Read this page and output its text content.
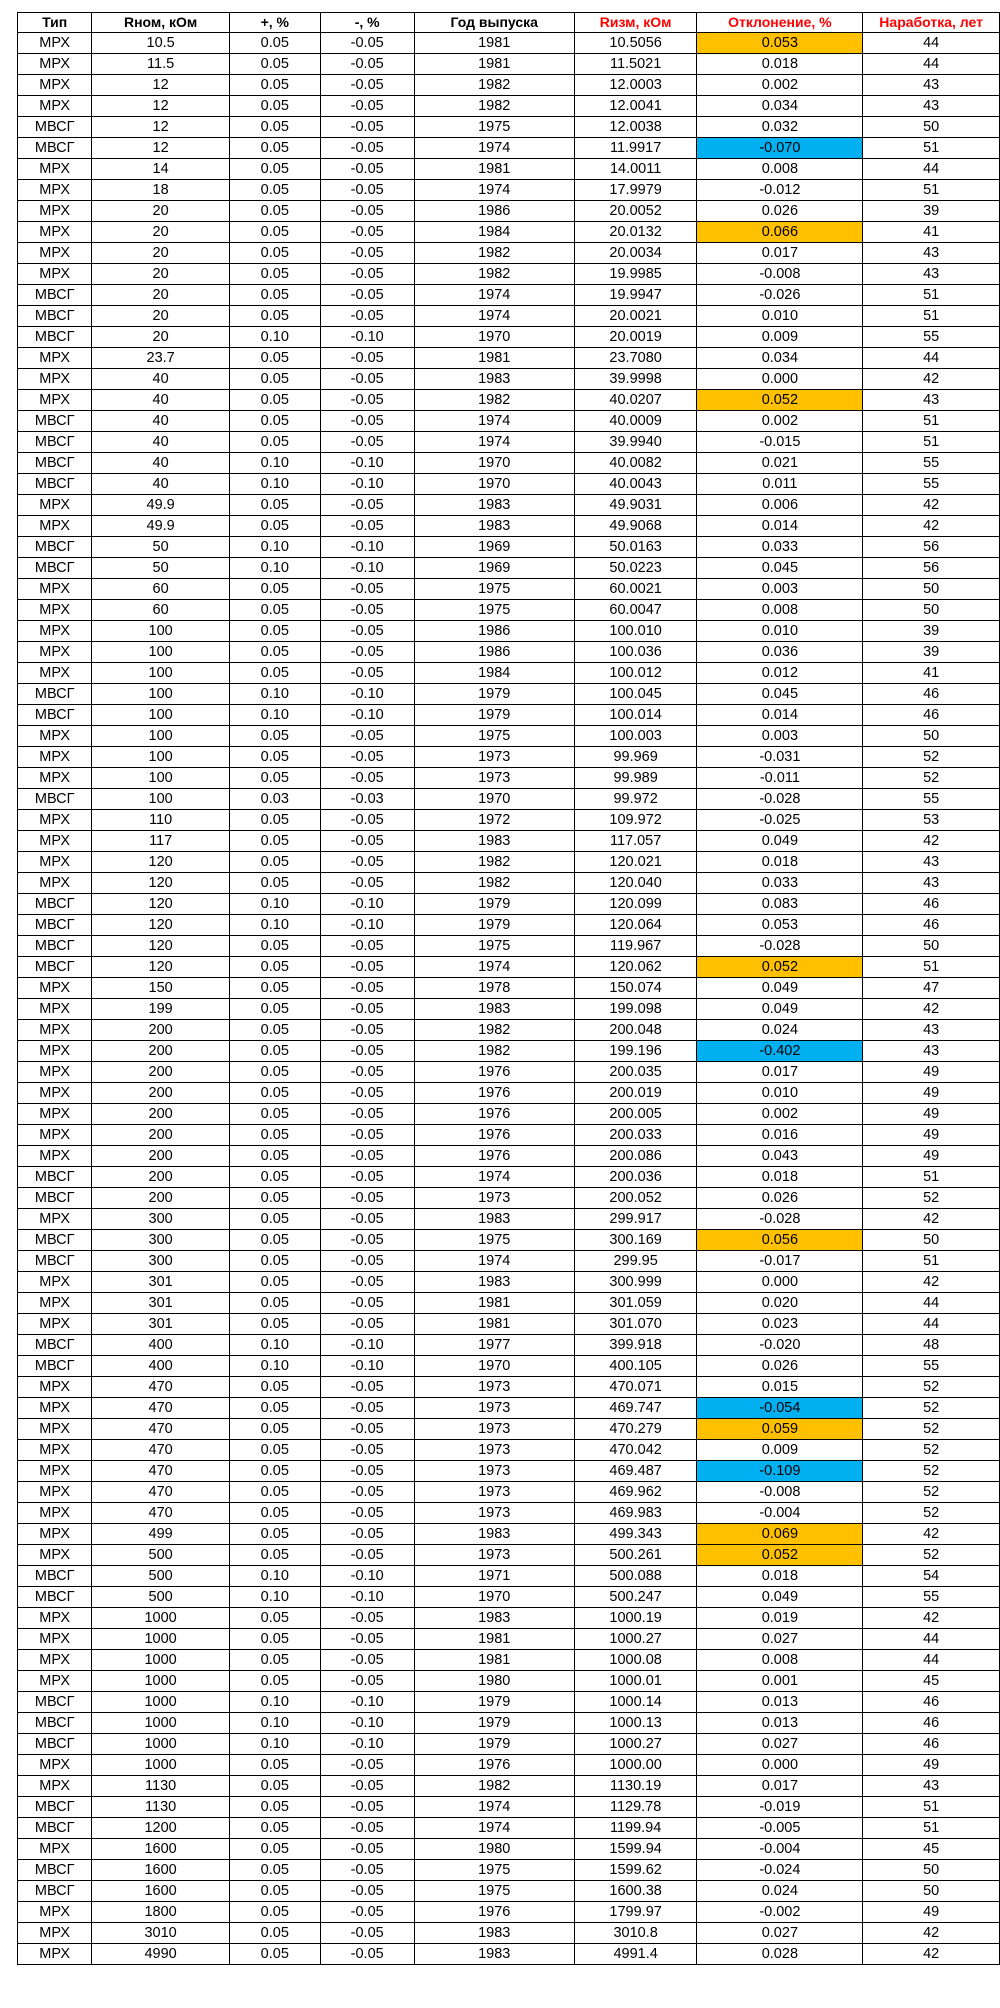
Тип	Rном, кОм	+, %	-, %	Год выпуска	Rизм, кОм	Отклонение, %	Наработка, лет
МРХ	10.5	0.05	-0.05	1981	10.5056	0.053	44
МРХ	11.5	0.05	-0.05	1981	11.5021	0.018	44
МРХ	12	0.05	-0.05	1982	12.0003	0.002	43
МРХ	12	0.05	-0.05	1982	12.0041	0.034	43
МВСГ	12	0.05	-0.05	1975	12.0038	0.032	50
МВСГ	12	0.05	-0.05	1974	11.9917	-0.070	51
МРХ	14	0.05	-0.05	1981	14.0011	0.008	44
МРХ	18	0.05	-0.05	1974	17.9979	-0.012	51
МРХ	20	0.05	-0.05	1986	20.0052	0.026	39
МРХ	20	0.05	-0.05	1984	20.0132	0.066	41
МРХ	20	0.05	-0.05	1982	20.0034	0.017	43
МРХ	20	0.05	-0.05	1982	19.9985	-0.008	43
МВСГ	20	0.05	-0.05	1974	19.9947	-0.026	51
МВСГ	20	0.05	-0.05	1974	20.0021	0.010	51
МВСГ	20	0.10	-0.10	1970	20.0019	0.009	55
МРХ	23.7	0.05	-0.05	1981	23.7080	0.034	44
МРХ	40	0.05	-0.05	1983	39.9998	0.000	42
МРХ	40	0.05	-0.05	1982	40.0207	0.052	43
МВСГ	40	0.05	-0.05	1974	40.0009	0.002	51
МВСГ	40	0.05	-0.05	1974	39.9940	-0.015	51
МВСГ	40	0.10	-0.10	1970	40.0082	0.021	55
МВСГ	40	0.10	-0.10	1970	40.0043	0.011	55
МРХ	49.9	0.05	-0.05	1983	49.9031	0.006	42
МРХ	49.9	0.05	-0.05	1983	49.9068	0.014	42
МВСГ	50	0.10	-0.10	1969	50.0163	0.033	56
МВСГ	50	0.10	-0.10	1969	50.0223	0.045	56
МРХ	60	0.05	-0.05	1975	60.0021	0.003	50
МРХ	60	0.05	-0.05	1975	60.0047	0.008	50
МРХ	100	0.05	-0.05	1986	100.010	0.010	39
МРХ	100	0.05	-0.05	1986	100.036	0.036	39
МРХ	100	0.05	-0.05	1984	100.012	0.012	41
МВСГ	100	0.10	-0.10	1979	100.045	0.045	46
МВСГ	100	0.10	-0.10	1979	100.014	0.014	46
МРХ	100	0.05	-0.05	1975	100.003	0.003	50
МРХ	100	0.05	-0.05	1973	99.969	-0.031	52
МРХ	100	0.05	-0.05	1973	99.989	-0.011	52
МВСГ	100	0.03	-0.03	1970	99.972	-0.028	55
МРХ	110	0.05	-0.05	1972	109.972	-0.025	53
МРХ	117	0.05	-0.05	1983	117.057	0.049	42
МРХ	120	0.05	-0.05	1982	120.021	0.018	43
МРХ	120	0.05	-0.05	1982	120.040	0.033	43
МВСГ	120	0.10	-0.10	1979	120.099	0.083	46
МВСГ	120	0.10	-0.10	1979	120.064	0.053	46
МВСГ	120	0.05	-0.05	1975	119.967	-0.028	50
МВСГ	120	0.05	-0.05	1974	120.062	0.052	51
МРХ	150	0.05	-0.05	1978	150.074	0.049	47
МРХ	199	0.05	-0.05	1983	199.098	0.049	42
МРХ	200	0.05	-0.05	1982	200.048	0.024	43
МРХ	200	0.05	-0.05	1982	199.196	-0.402	43
МРХ	200	0.05	-0.05	1976	200.035	0.017	49
МРХ	200	0.05	-0.05	1976	200.019	0.010	49
МРХ	200	0.05	-0.05	1976	200.005	0.002	49
МРХ	200	0.05	-0.05	1976	200.033	0.016	49
МРХ	200	0.05	-0.05	1976	200.086	0.043	49
МВСГ	200	0.05	-0.05	1974	200.036	0.018	51
МВСГ	200	0.05	-0.05	1973	200.052	0.026	52
МРХ	300	0.05	-0.05	1983	299.917	-0.028	42
МВСГ	300	0.05	-0.05	1975	300.169	0.056	50
МВСГ	300	0.05	-0.05	1974	299.95	-0.017	51
МРХ	301	0.05	-0.05	1983	300.999	0.000	42
МРХ	301	0.05	-0.05	1981	301.059	0.020	44
МРХ	301	0.05	-0.05	1981	301.070	0.023	44
МВСГ	400	0.10	-0.10	1977	399.918	-0.020	48
МВСГ	400	0.10	-0.10	1970	400.105	0.026	55
МРХ	470	0.05	-0.05	1973	470.071	0.015	52
МРХ	470	0.05	-0.05	1973	469.747	-0.054	52
МРХ	470	0.05	-0.05	1973	470.279	0.059	52
МРХ	470	0.05	-0.05	1973	470.042	0.009	52
МРХ	470	0.05	-0.05	1973	469.487	-0.109	52
МРХ	470	0.05	-0.05	1973	469.962	-0.008	52
МРХ	470	0.05	-0.05	1973	469.983	-0.004	52
МРХ	499	0.05	-0.05	1983	499.343	0.069	42
МРХ	500	0.05	-0.05	1973	500.261	0.052	52
МВСГ	500	0.10	-0.10	1971	500.088	0.018	54
МВСГ	500	0.10	-0.10	1970	500.247	0.049	55
МРХ	1000	0.05	-0.05	1983	1000.19	0.019	42
МРХ	1000	0.05	-0.05	1981	1000.27	0.027	44
МРХ	1000	0.05	-0.05	1981	1000.08	0.008	44
МРХ	1000	0.05	-0.05	1980	1000.01	0.001	45
МВСГ	1000	0.10	-0.10	1979	1000.14	0.013	46
МВСГ	1000	0.10	-0.10	1979	1000.13	0.013	46
МВСГ	1000	0.10	-0.10	1979	1000.27	0.027	46
МРХ	1000	0.05	-0.05	1976	1000.00	0.000	49
МРХ	1130	0.05	-0.05	1982	1130.19	0.017	43
МВСГ	1130	0.05	-0.05	1974	1129.78	-0.019	51
МВСГ	1200	0.05	-0.05	1974	1199.94	-0.005	51
МРХ	1600	0.05	-0.05	1980	1599.94	-0.004	45
МВСГ	1600	0.05	-0.05	1975	1599.62	-0.024	50
МВСГ	1600	0.05	-0.05	1975	1600.38	0.024	50
МРХ	1800	0.05	-0.05	1976	1799.97	-0.002	49
МРХ	3010	0.05	-0.05	1983	3010.8	0.027	42
МРХ	4990	0.05	-0.05	1983	4991.4	0.028	42
